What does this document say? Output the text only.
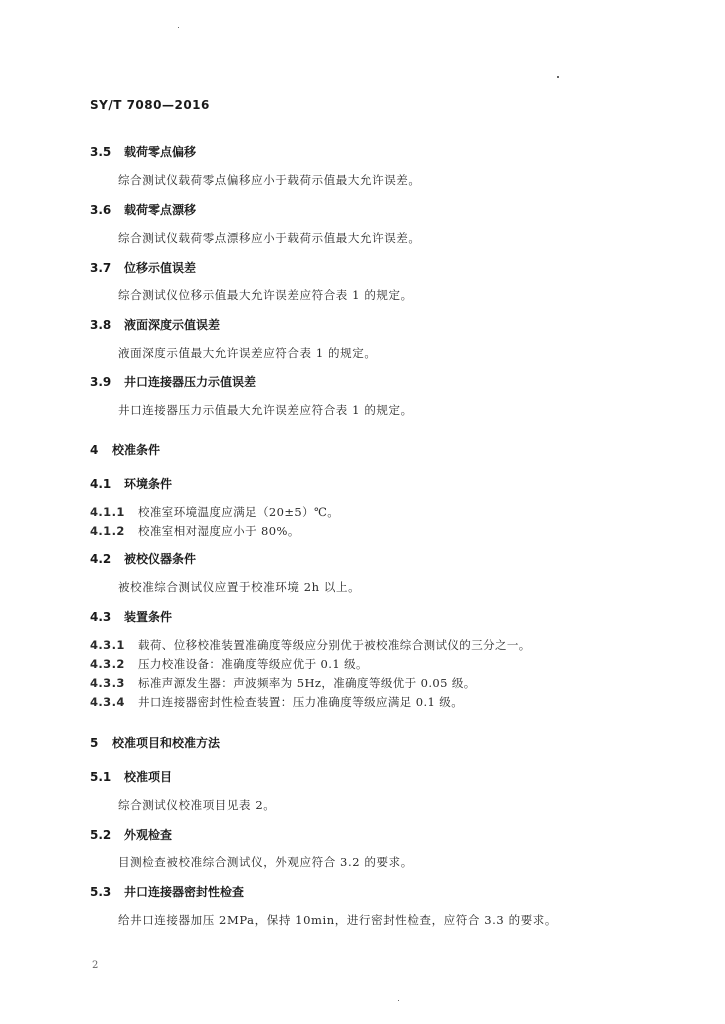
SY/T 7080—2016
3.5 载荷零点偏移
综合测试仪载荷零点偏移应小于载荷示值最大允许误差。
3.6 载荷零点漂移
综合测试仪载荷零点漂移应小于载荷示值最大允许误差。
3.7 位移示值误差
综合测试仪位移示值最大允许误差应符合表 1 的规定。
3.8 液面深度示值误差
液面深度示值最大允许误差应符合表 1 的规定。
3.9 井口连接器压力示值误差
井口连接器压力示值最大允许误差应符合表 1 的规定。
4 校准条件
4.1 环境条件
4.1.1 校准室环境温度应满足（20±5）℃。
4.1.2 校准室相对湿度应小于 80%。
4.2 被校仪器条件
被校准综合测试仪应置于校准环境 2h 以上。
4.3 装置条件
4.3.1 载荷、位移校准装置准确度等级应分别优于被校准综合测试仪的三分之一。
4.3.2 压力校准设备：准确度等级应优于 0.1 级。
4.3.3 标准声源发生器：声波频率为 5Hz，准确度等级优于 0.05 级。
4.3.4 井口连接器密封性检查装置：压力准确度等级应满足 0.1 级。
5 校准项目和校准方法
5.1 校准项目
综合测试仪校准项目见表 2。
5.2 外观检查
目测检查被校准综合测试仪，外观应符合 3.2 的要求。
5.3 井口连接器密封性检查
给井口连接器加压 2MPa，保持 10min，进行密封性检查，应符合 3.3 的要求。
2
